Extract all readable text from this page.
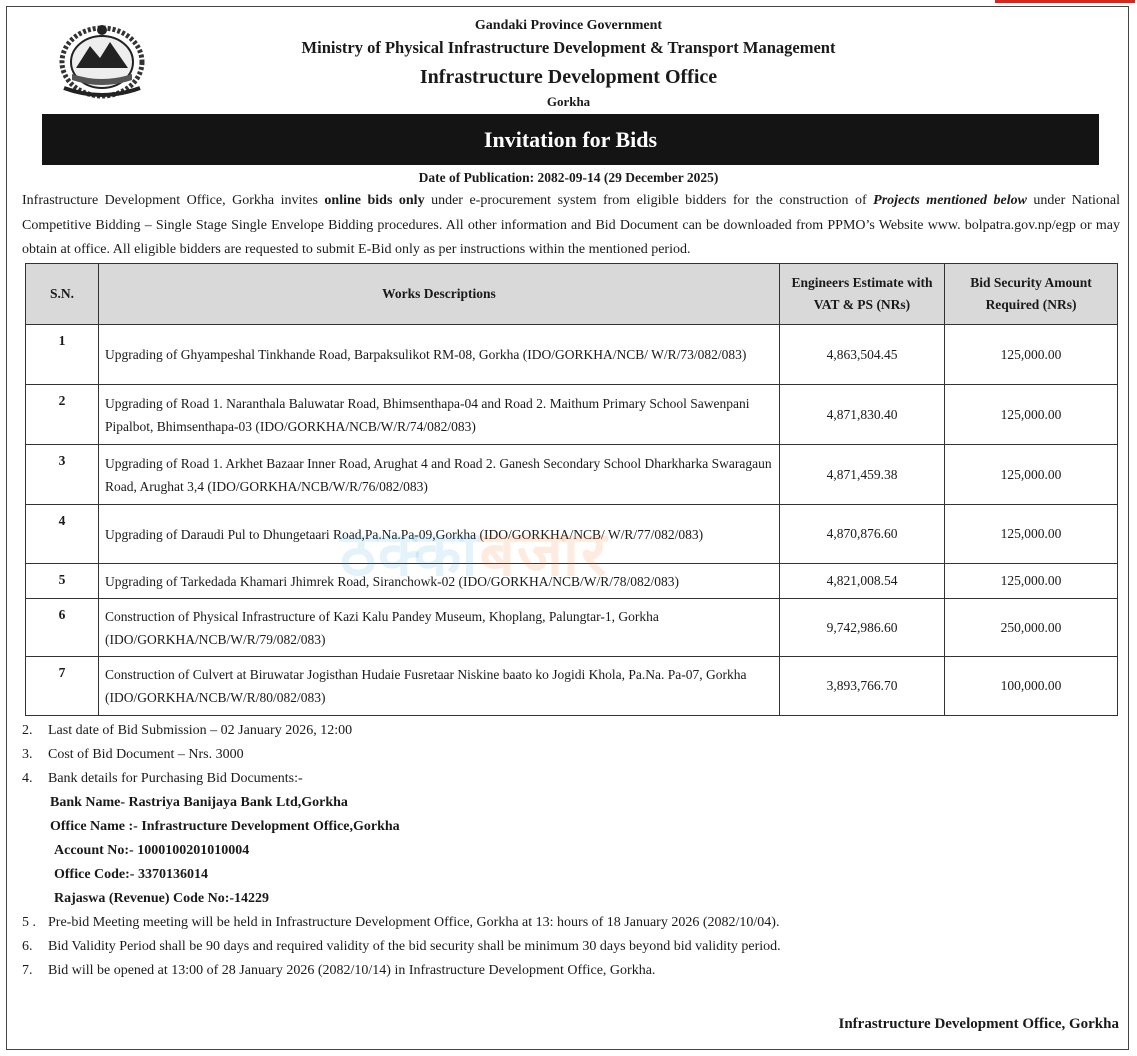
Gandaki Province Government
Ministry of Physical Infrastructure Development & Transport Management
Infrastructure Development Office
Gorkha
Invitation for Bids
Date of Publication: 2082-09-14 (29 December 2025)
Infrastructure Development Office, Gorkha invites online bids only under e-procurement system from eligible bidders for the construction of Projects mentioned below under National Competitive Bidding – Single Stage Single Envelope Bidding procedures. All other information and Bid Document can be downloaded from PPMO’s Website www. bolpatra.gov.np/egp or may obtain at office. All eligible bidders are requested to submit E-Bid only as per instructions within the mentioned period.
S.N.	Works Descriptions	Engineers Estimate with VAT & PS (NRs)	Bid Security Amount Required (NRs)
1	Upgrading of Ghyampeshal Tinkhande Road, Barpaksulikot RM-08, Gorkha (IDO/GORKHA/NCB/ W/R/73/082/083)	4,863,504.45	125,000.00
2	Upgrading of Road 1. Naranthala Baluwatar Road, Bhimsenthapa-04 and Road 2. Maithum Primary School Sawenpani Pipalbot, Bhimsenthapa-03 (IDO/GORKHA/NCB/W/R/74/082/083)	4,871,830.40	125,000.00
3	Upgrading of Road 1. Arkhet Bazaar Inner Road, Arughat 4 and Road 2. Ganesh Secondary School Dharkharka Swaragaun Road, Arughat 3,4 (IDO/GORKHA/NCB/W/R/76/082/083)	4,871,459.38	125,000.00
4	Upgrading of Daraudi Pul to Dhungetaari Road,Pa.Na.Pa-09,Gorkha (IDO/GORKHA/NCB/ W/R/77/082/083)	4,870,876.60	125,000.00
5	Upgrading of Tarkedada Khamari Jhimrek Road, Siranchowk-02 (IDO/GORKHA/NCB/W/R/78/082/083)	4,821,008.54	125,000.00
6	Construction of Physical Infrastructure of Kazi Kalu Pandey Museum, Khoplang, Palungtar-1, Gorkha (IDO/GORKHA/NCB/W/R/79/082/083)	9,742,986.60	250,000.00
7	Construction of Culvert at Biruwatar Jogisthan Hudaie Fusretaar Niskine baato ko Jogidi Khola, Pa.Na. Pa-07, Gorkha (IDO/GORKHA/NCB/W/R/80/082/083)	3,893,766.70	100,000.00
ठक्काबजार
2. Last date of Bid Submission – 02 January 2026, 12:00
3. Cost of Bid Document – Nrs. 3000
4. Bank details for Purchasing Bid Documents:-
Bank Name- Rastriya Banijaya Bank Ltd,Gorkha
Office Name :- Infrastructure Development Office,Gorkha
Account No:- 1000100201010004
Office Code:- 3370136014
Rajaswa (Revenue) Code No:-14229
5 . Pre-bid Meeting meeting will be held in Infrastructure Development Office, Gorkha at 13: hours of 18 January 2026 (2082/10/04).
6. Bid Validity Period shall be 90 days and required validity of the bid security shall be minimum 30 days beyond bid validity period.
7. Bid will be opened at 13:00 of 28 January 2026 (2082/10/14) in Infrastructure Development Office, Gorkha.
Infrastructure Development Office, Gorkha
